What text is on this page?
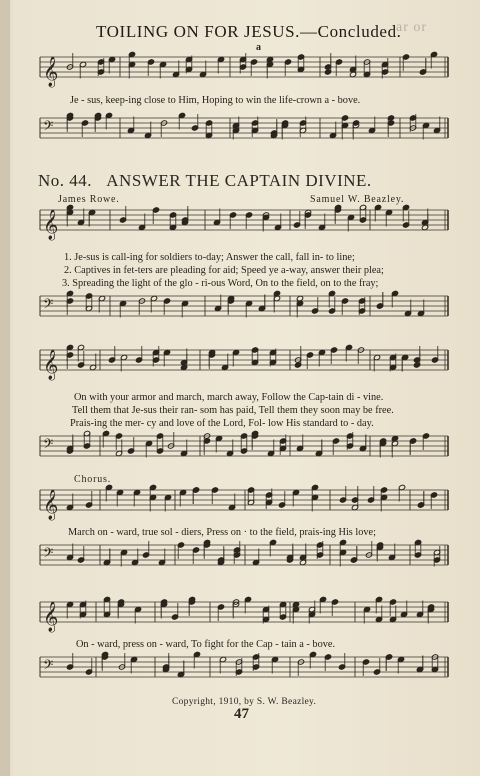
𝄞
𝄢
𝄞
𝄢
𝄞
𝄢
𝄞
𝄢
𝄞
𝄢
ar or
TOILING ON FOR JESUS.—Concluded.
a
Je - sus, keep-ing close to Him, Hoping to win the life-crown a - bove.
No. 44. ANSWER THE CAPTAIN DIVINE.
James Rowe.	Samuel W. Beazley.
1. Je-sus is call-ing for soldiers to-day; Answer the call, fall in- to line;
2. Captives in fet-ters are pleading for aid; Speed ye a-way, answer their plea;
3. Spreading the light of the glo - ri-ous Word, On to the field, on to the fray;
On with your armor and march, march away, Follow the Cap-tain di - vine.
Tell them that Je-sus their ran- som has paid, Tell them they soon may be free.
Prais-ing the mer- cy and love of the Lord, Fol- low His standard to - day.
Chorus.
March on - ward, true sol - diers, Press on · to the field, prais-ing His love;
On - ward, press on - ward, To fight for the Cap - tain a - bove.
Copyright, 1910, by S. W. Beazley.
47
